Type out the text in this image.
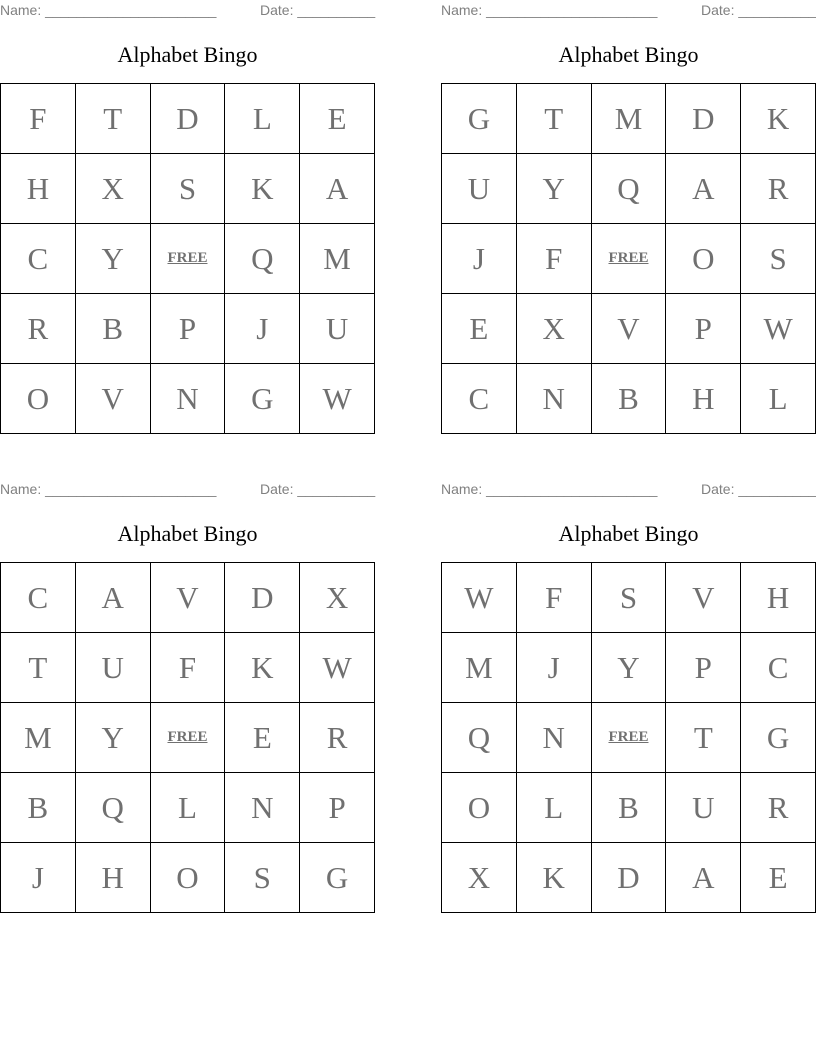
Name: ______________________	Date: __________
Alphabet Bingo
F	T	D	L	E
H	X	S	K	A
C	Y	FREE	Q	M
R	B	P	J	U
O	V	N	G	W
Name: ______________________	Date: __________
Alphabet Bingo
G	T	M	D	K
U	Y	Q	A	R
J	F	FREE	O	S
E	X	V	P	W
C	N	B	H	L
Name: ______________________	Date: __________
Alphabet Bingo
C	A	V	D	X
T	U	F	K	W
M	Y	FREE	E	R
B	Q	L	N	P
J	H	O	S	G
Name: ______________________	Date: __________
Alphabet Bingo
W	F	S	V	H
M	J	Y	P	C
Q	N	FREE	T	G
O	L	B	U	R
X	K	D	A	E
